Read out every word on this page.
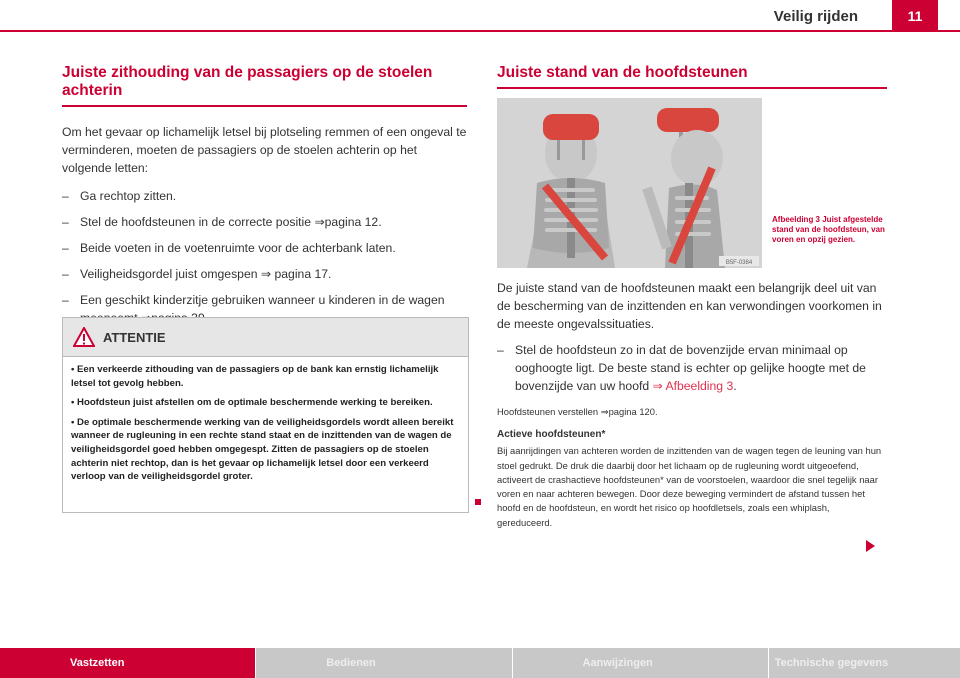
Veilig rijden	11
Juiste zithouding van de passagiers op de stoelen achterin

Om het gevaar op lichamelijk letsel bij plotseling remmen of een ongeval te verminderen, moeten de passagiers op de stoelen achterin op het volgende letten:

– Ga rechtop zitten.
– Stel de hoofdsteunen in de correcte positie ⇒pagina 12.
– Beide voeten in de voetenruimte voor de achterbank laten.
– Veiligheidsgordel juist omgespen ⇒ pagina 17.
– Een geschikt kinderzitje gebruiken wanneer u kinderen in de wagen
ATTENTIE

• Een verkeerde zithouding van de passagiers op de bank kan ernstig lichamelijk letsel tot gevolg hebben.

• Hoofdsteun juist afstellen om de optimale beschermende werking te bereiken.

• De optimale beschermende werking van de veiligheidsgordels wordt alleen bereikt wanneer de rugleuning in een rechte stand staat en de inzittenden van de wagen de veiligheidsgordel goed hebben omgegespt. Zitten de passagiers op de stoelen achterin niet rechtop, dan is het gevaar op lichamelijk letsel door een verkeerd verloop van de veiligheidsgordel groter.

Juiste stand van de hoofdsteunen
B5F-0384
Afbeelding 3 Juist afgestelde stand van de hoofdsteun, van voren en opzij gezien.

De juiste stand van de hoofdsteunen maakt een belangrijk deel uit van de bescherming van de inzittenden en kan verwondingen voorkomen in de meeste ongevalssituaties.

– Stel de hoofdsteun zo in dat de bovenzijde ervan minimaal op ooghoogte ligt. De beste stand is echter op gelijke hoogte met de bovenzijde van uw hoofd ⇒ Afbeelding 3.

Hoofdsteunen verstellen ⇒pagina 120.

Actieve hoofdsteunen*

Bij aanrijdingen van achteren worden de inzittenden van de wagen tegen de leuning van hun stoel gedrukt. De druk die daarbij door het lichaam op de rugleuning wordt uitgeoefend, activeert de crashactieve hoofdsteunen* van de voorstoelen, waardoor die snel tegelijk naar voren en naar achteren bewegen. Door deze beweging vermindert de afstand tussen het hoofd en de hoofdsteun, en wordt het risico op hoofdletsels, zoals een whiplash, gereduceerd.

Vastzetten	Bedienen	Aanwijzingen	Technische gegevens
